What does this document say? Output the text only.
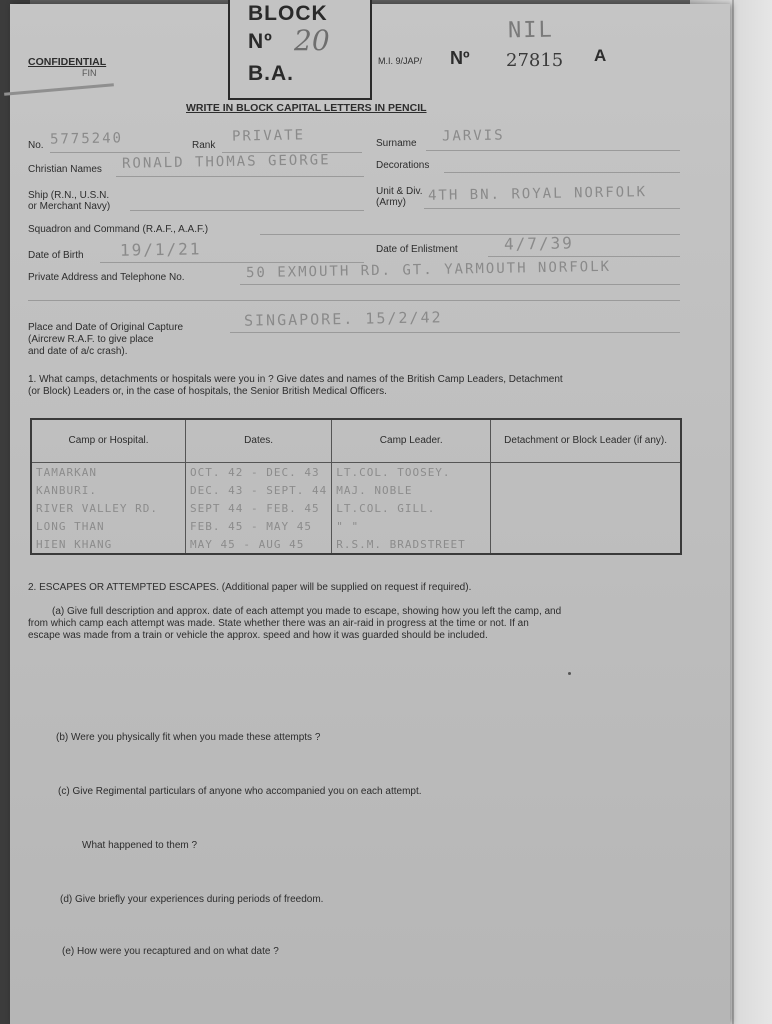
BLOCK
Nº 20
B.A.
CONFIDENTIAL
FIN
NIL
M.I. 9/JAP/ Nº 27815 A
WRITE IN BLOCK CAPITAL LETTERS IN PENCIL
No. 5775240	Rank
PRIVATE	Surname JARVIS
Christian Names RONALD THOMAS GEORGE	Decorations
Ship (R.N., U.S.N.
or Merchant Navy)
Unit & Div.
(Army) 4TH BN. ROYAL NORFOLK
Squadron and Command (R.A.F., A.A.F.)
Date of Birth 19/1/21	Date of Enlistment	4/7/39
Private Address and Telephone No.	50 EXMOUTH RD. GT. YARMOUTH NORFOLK
Place and Date of Original Capture
(Aircrew R.A.F. to give place
and date of a/c crash).
SINGAPORE. 15/2/42
1. What camps, detachments or hospitals were you in ? Give dates and names of the British Camp Leaders, Detachment
(or Block) Leaders or, in the case of hospitals, the Senior British Medical Officers.
Camp or Hospital.	Dates.	Camp Leader.	Detachment or Block Leader (if any).
TAMARKAN	OCT. 42 - DEC. 43	LT.COL. TOOSEY.	
KANBURI.	DEC. 43 - SEPT. 44	MAJ. NOBLE	
RIVER VALLEY RD.	SEPT 44 - FEB. 45	LT.COL. GILL.	
LONG THAN	FEB. 45 - MAY 45	" "	
HIEN KHANG	MAY 45 - AUG 45	R.S.M. BRADSTREET	
2. ESCAPES OR ATTEMPTED ESCAPES. (Additional paper will be supplied on request if required).
(a) Give full description and approx. date of each attempt you made to escape, showing how you left the camp, and
from which camp each attempt was made. State whether there was an air-raid in progress at the time or not. If an
escape was made from a train or vehicle the approx. speed and how it was guarded should be included.
(b) Were you physically fit when you made these attempts ?
(c) Give Regimental particulars of anyone who accompanied you on each attempt.
What happened to them ?
(d) Give briefly your experiences during periods of freedom.
(e) How were you recaptured and on what date ?
